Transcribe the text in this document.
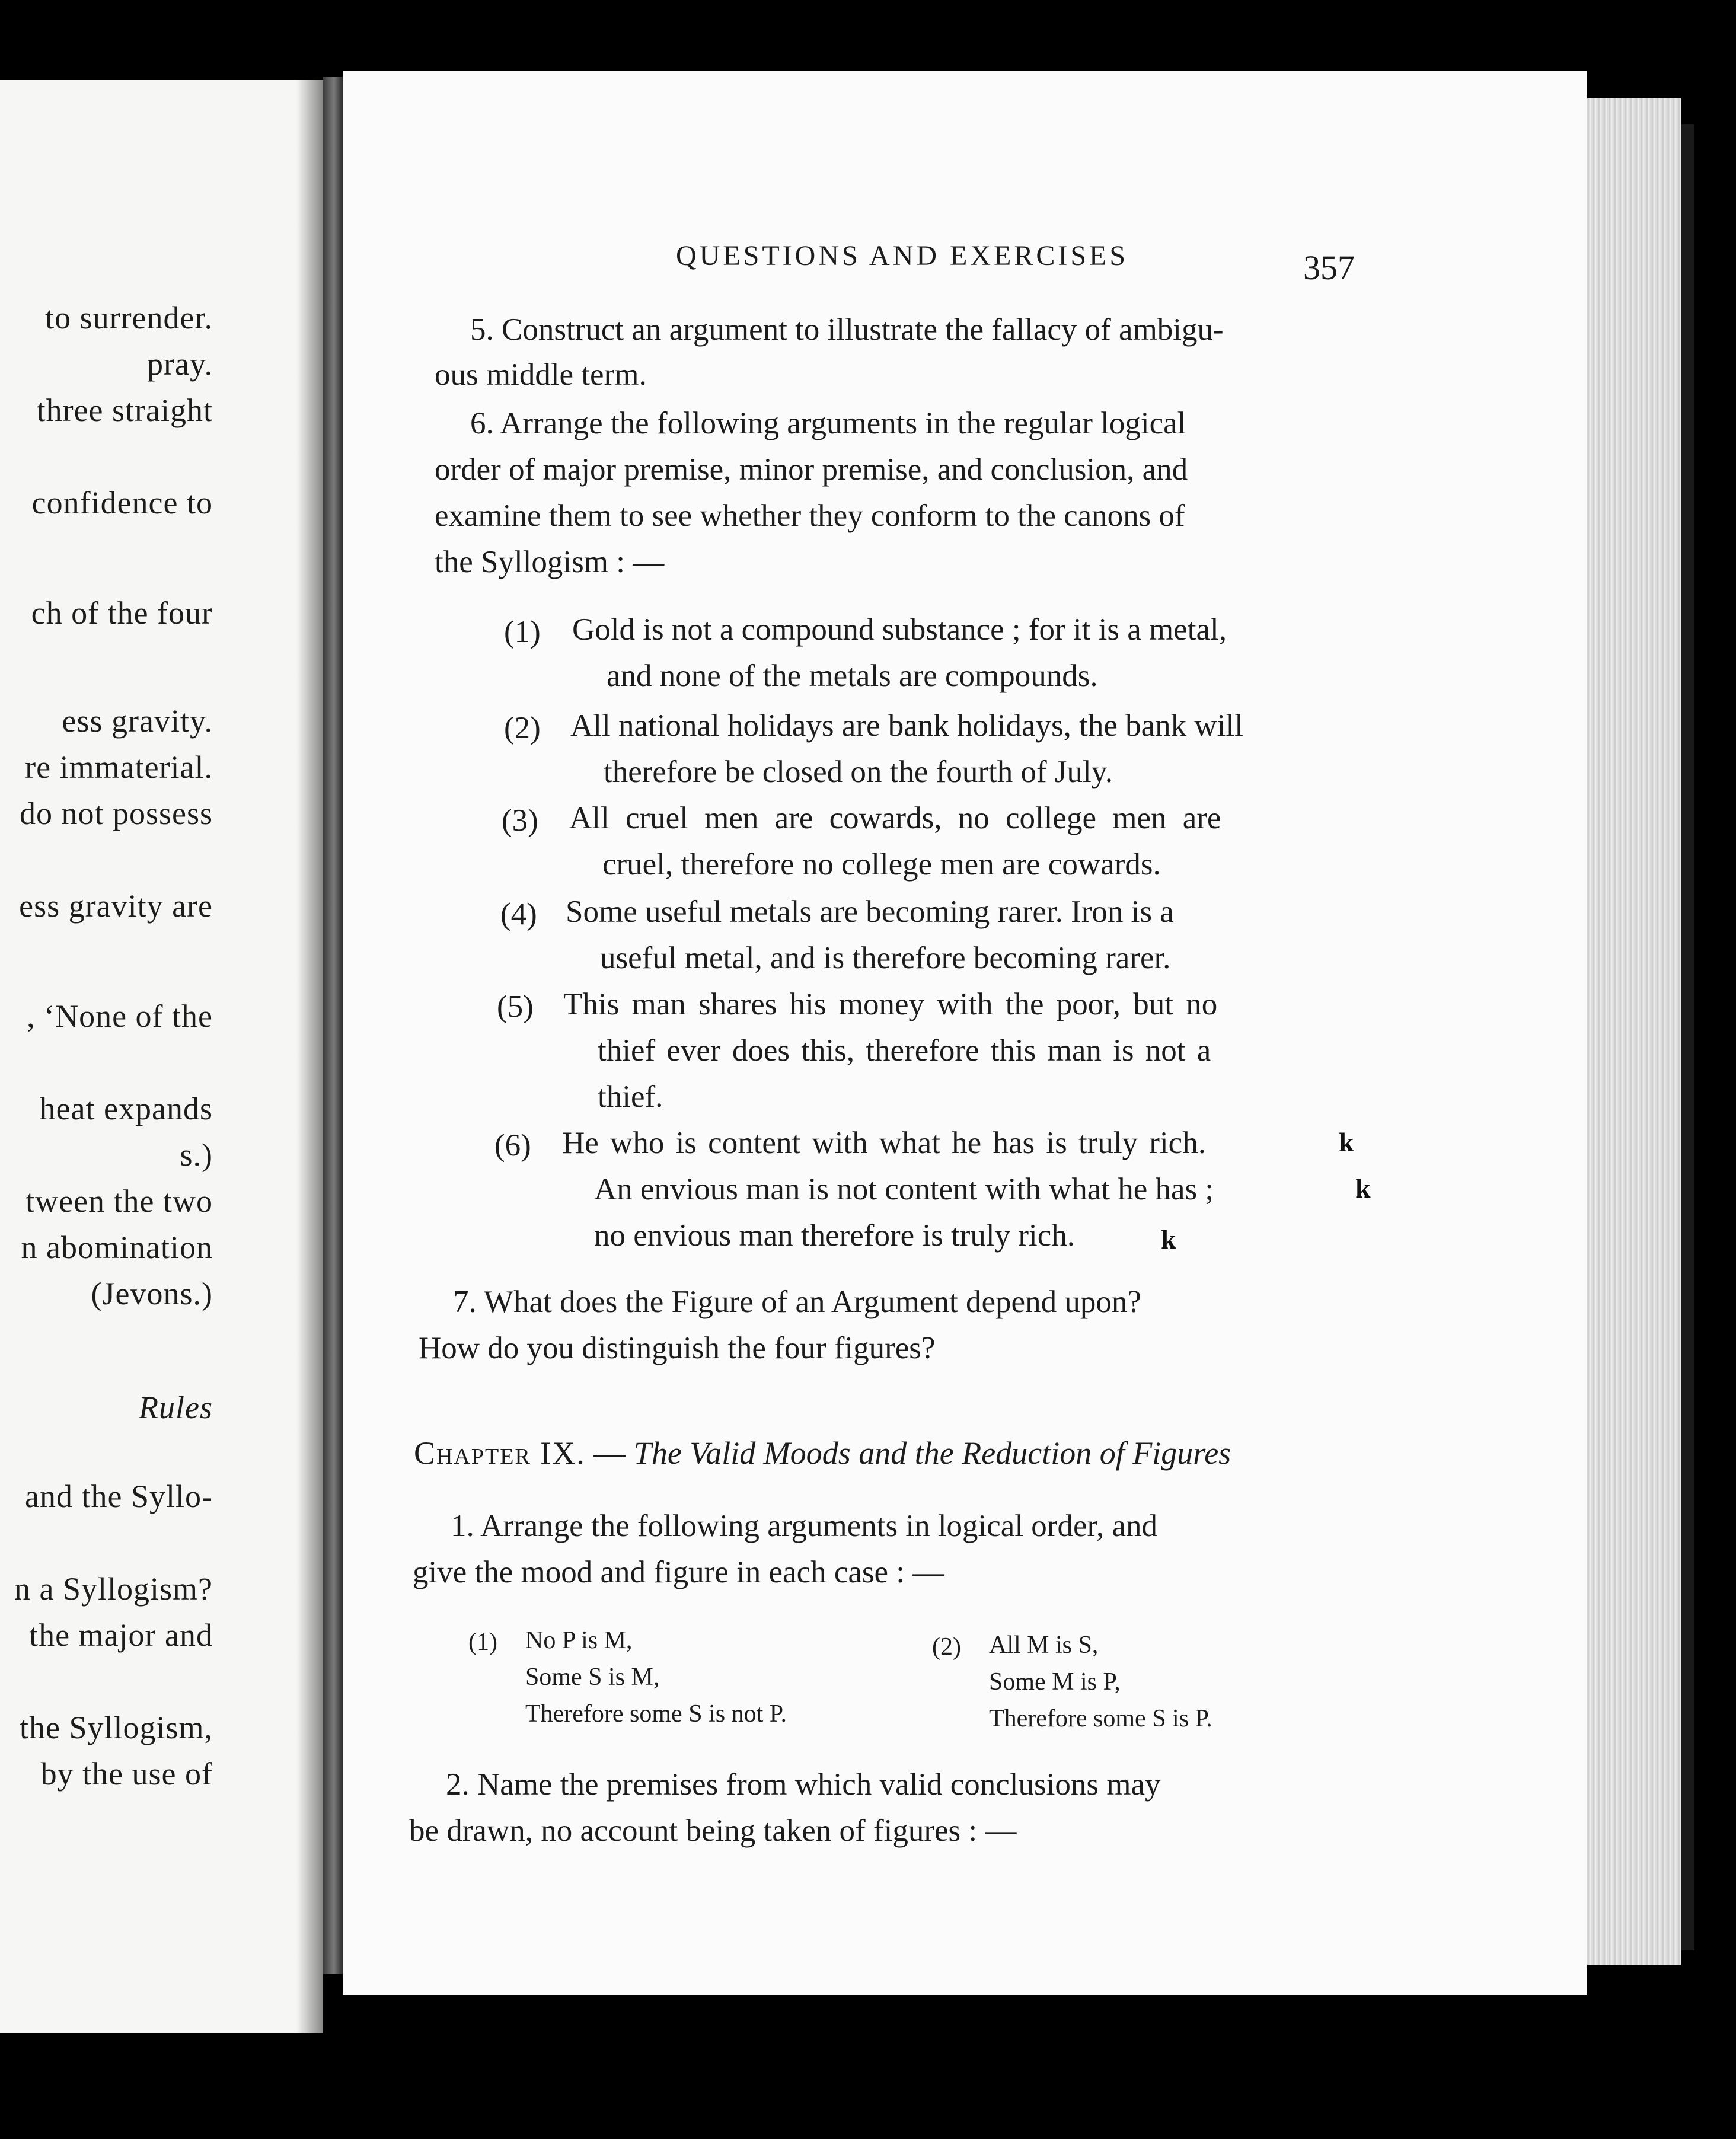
to surrender.
pray.
three straight
confidence to
ch of the four
ess gravity.
re immaterial.
do not possess
ess gravity are
, ‘None of the
heat expands
s.)
tween the two
n abomination
(Jevons.)
Rules
and the Syllo-
n a Syllogism?
the major and
the Syllogism,
by the use of
QUESTIONS AND EXERCISES	357
5. Construct an argument to illustrate the fallacy of ambigu-
ous middle term.
6. Arrange the following arguments in the regular logical
order of major premise, minor premise, and conclusion, and
examine them to see whether they conform to the canons of
the Syllogism : —
(1) Gold is not a compound substance ; for it is a metal,
and none of the metals are compounds.
(2) All national holidays are bank holidays, the bank will
therefore be closed on the fourth of July.
(3) All cruel men are cowards, no college men are
cruel, therefore no college men are cowards.
(4) Some useful metals are becoming rarer. Iron is a
useful metal, and is therefore becoming rarer.
(5) This man shares his money with the poor, but no
thief ever does this, therefore this man is not a
thief.
(6) He who is content with what he has is truly rich.
An envious man is not content with what he has ;
no envious man therefore is truly rich.
k
k
k
7. What does the Figure of an Argument depend upon?
How do you distinguish the four figures?
Chapter IX. — The Valid Moods and the Reduction of Figures
1. Arrange the following arguments in logical order, and
give the mood and figure in each case : —
(1) No P is M,
Some S is M,
Therefore some S is not P.
(2) All M is S,
Some M is P,
Therefore some S is P.
2. Name the premises from which valid conclusions may
be drawn, no account being taken of figures : —
